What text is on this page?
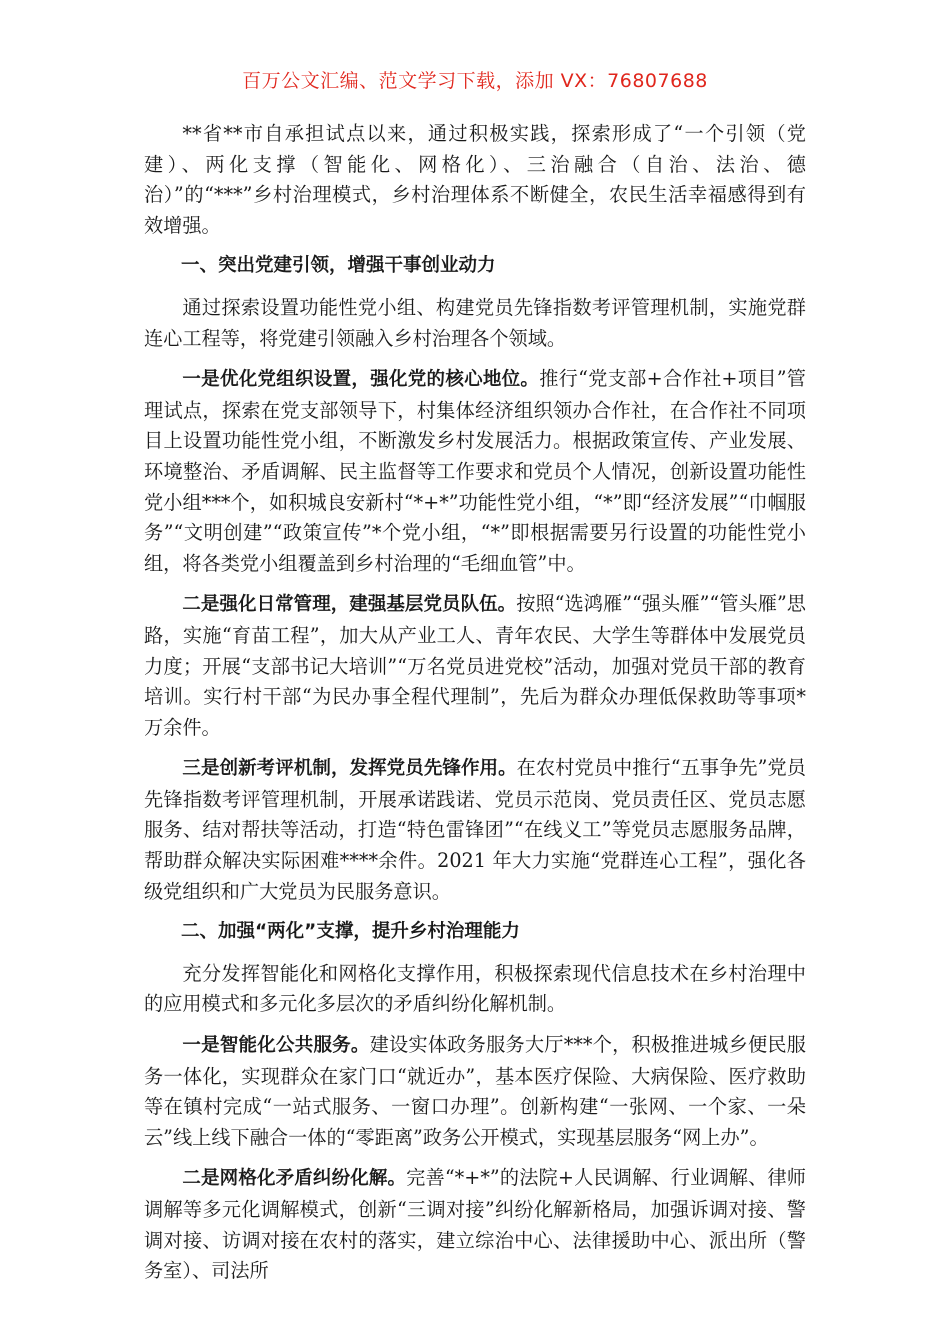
百万公文汇编、范文学习下载，添加 VX：76807688

**省**市自承担试点以来，通过积极实践，探索形成了“一个引领（党建）、两化支撑（智能化、网格化）、三治融合（自治、法治、德治）”的“***”乡村治理模式，乡村治理体系不断健全，农民生活幸福感得到有效增强。

一、突出党建引领，增强干事创业动力

通过探索设置功能性党小组、构建党员先锋指数考评管理机制，实施党群连心工程等，将党建引领融入乡村治理各个领域。

一是优化党组织设置，强化党的核心地位。推行“党支部+合作社+项目”管理试点，探索在党支部领导下，村集体经济组织领办合作社，在合作社不同项目上设置功能性党小组，不断激发乡村发展活力。根据政策宣传、产业发展、环境整治、矛盾调解、民主监督等工作要求和党员个人情况，创新设置功能性党小组***个，如积城良安新村“*+*”功能性党小组，“*”即“经济发展”“巾帼服务”“文明创建”“政策宣传”*个党小组，“*”即根据需要另行设置的功能性党小组，将各类党小组覆盖到乡村治理的“毛细血管”中。

二是强化日常管理，建强基层党员队伍。按照“选鸿雁”“强头雁”“管头雁”思路，实施“育苗工程”，加大从产业工人、青年农民、大学生等群体中发展党员力度；开展“支部书记大培训”“万名党员进党校”活动，加强对党员干部的教育培训。实行村干部“为民办事全程代理制”，先后为群众办理低保救助等事项*万余件。

三是创新考评机制，发挥党员先锋作用。在农村党员中推行“五事争先”党员先锋指数考评管理机制，开展承诺践诺、党员示范岗、党员责任区、党员志愿服务、结对帮扶等活动，打造“特色雷锋团”“在线义工”等党员志愿服务品牌，帮助群众解决实际困难****余件。2021 年大力实施“党群连心工程”，强化各级党组织和广大党员为民服务意识。

二、加强“两化”支撑，提升乡村治理能力

充分发挥智能化和网格化支撑作用，积极探索现代信息技术在乡村治理中的应用模式和多元化多层次的矛盾纠纷化解机制。

一是智能化公共服务。建设实体政务服务大厅***个，积极推进城乡便民服务一体化，实现群众在家门口“就近办”，基本医疗保险、大病保险、医疗救助等在镇村完成“一站式服务、一窗口办理”。创新构建“一张网、一个家、一朵云”线上线下融合一体的“零距离”政务公开模式，实现基层服务“网上办”。

二是网格化矛盾纠纷化解。完善“*+*”的法院+人民调解、行业调解、律师调解等多元化调解模式，创新“三调对接”纠纷化解新格局，加强诉调对接、警调对接、访调对接在农村的落实，建立综治中心、法律援助中心、派出所（警务室）、司法所
